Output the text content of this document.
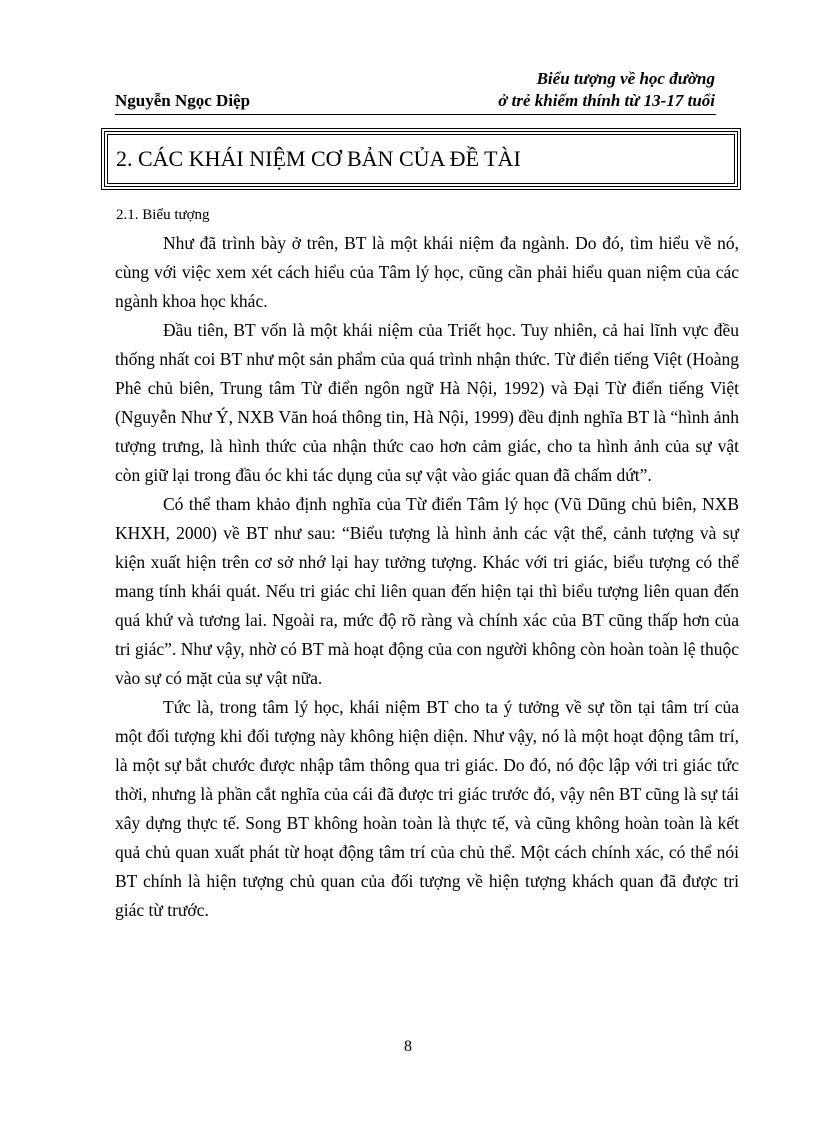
Nguyễn Ngọc Diệp
Biểu tượng về học đường
ở trẻ khiếm thính từ 13-17 tuổi
2. CÁC KHÁI NIỆM CƠ BẢN CỦA ĐỀ TÀI
2.1. Biểu tượng

Như đã trình bày ở trên, BT là một khái niệm đa ngành. Do đó, tìm hiểu về nó, cùng với việc xem xét cách hiểu của Tâm lý học, cũng cần phải hiểu quan niệm của các ngành khoa học khác.

Đầu tiên, BT vốn là một khái niệm của Triết học. Tuy nhiên, cả hai lĩnh vực đều thống nhất coi BT như một sản phẩm của quá trình nhận thức. Từ điển tiếng Việt (Hoàng Phê chủ biên, Trung tâm Từ điển ngôn ngữ Hà Nội, 1992) và Đại Từ điển tiếng Việt (Nguyễn Như Ý, NXB Văn hoá thông tin, Hà Nội, 1999) đều định nghĩa BT là “hình ảnh tượng trưng, là hình thức của nhận thức cao hơn cảm giác, cho ta hình ảnh của sự vật còn giữ lại trong đầu óc khi tác dụng của sự vật vào giác quan đã chấm dứt”.

Có thể tham khảo định nghĩa của Từ điển Tâm lý học (Vũ Dũng chủ biên, NXB KHXH, 2000) về BT như sau: “Biểu tượng là hình ảnh các vật thể, cảnh tượng và sự kiện xuất hiện trên cơ sở nhớ lại hay tưởng tượng. Khác với tri giác, biểu tượng có thể mang tính khái quát. Nếu tri giác chỉ liên quan đến hiện tại thì biểu tượng liên quan đến quá khứ và tương lai. Ngoài ra, mức độ rõ ràng và chính xác của BT cũng thấp hơn của tri giác”. Như vậy, nhờ có BT mà hoạt động của con người không còn hoàn toàn lệ thuộc vào sự có mặt của sự vật nữa.

Tức là, trong tâm lý học, khái niệm BT cho ta ý tưởng về sự tồn tại tâm trí của một đối tượng khi đối tượng này không hiện diện. Như vậy, nó là một hoạt động tâm trí, là một sự bắt chước được nhập tâm thông qua tri giác. Do đó, nó độc lập với tri giác tức thời, nhưng là phần cắt nghĩa của cái đã được tri giác trước đó, vậy nên BT cũng là sự tái xây dựng thực tế. Song BT không hoàn toàn là thực tế, và cũng không hoàn toàn là kết quả chủ quan xuất phát từ hoạt động tâm trí của chủ thể. Một cách chính xác, có thể nói BT chính là hiện tượng chủ quan của đối tượng về hiện tượng khách quan đã được tri giác từ trước.

8
